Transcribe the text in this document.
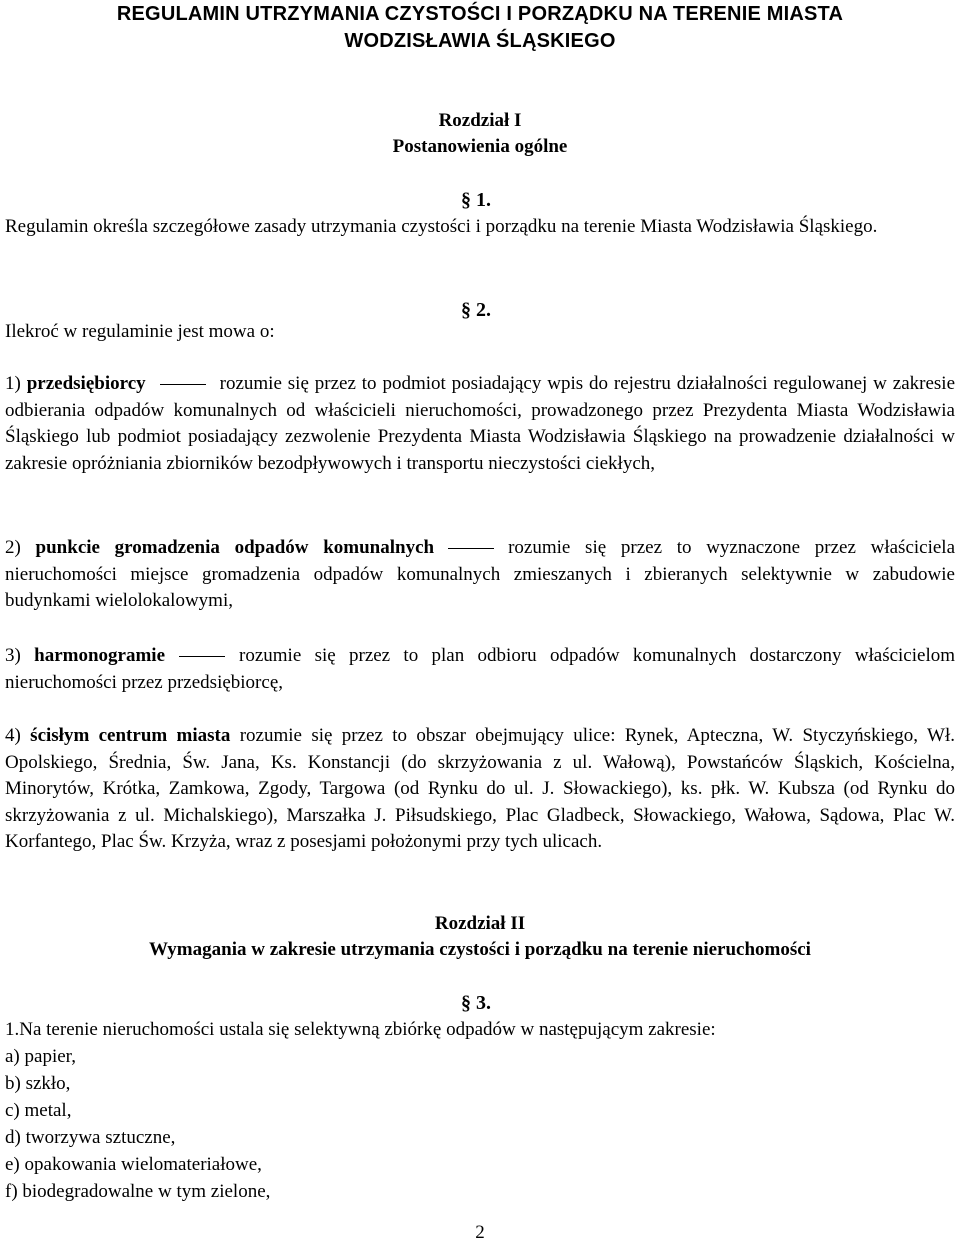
REGULAMIN UTRZYMANIA CZYSTOŚCI I PORZĄDKU NA TERENIE MIASTA
WODZISŁAWIA ŚLĄSKIEGO
Rozdział I
Postanowienia ogólne
§ 1.

Regulamin określa szczegółowe zasady utrzymania czystości i porządku na terenie Miasta Wodzisławia Śląskiego.

Ilekroć w regulaminie jest mowa o:
§ 2.

1) przedsiębiorcy	rozumie się przez to podmiot posiadający wpis do rejestru działalności regulowanej w zakresie odbierania odpadów komunalnych od właścicieli nieruchomości, prowadzonego przez Prezydenta Miasta Wodzisławia Śląskiego lub podmiot posiadający zezwolenie Prezydenta Miasta Wodzisławia Śląskiego na prowadzenie działalności w zakresie opróżniania zbiorników bezodpływowych i transportu nieczystości ciekłych,

2) punkcie gromadzenia odpadów komunalnych	rozumie się przez to wyznaczone przez właściciela nieruchomości miejsce gromadzenia odpadów komunalnych zmieszanych i zbieranych selektywnie w zabudowie budynkami wielolokalowymi,

3) harmonogramie	rozumie się przez to plan odbioru odpadów komunalnych dostarczony właścicielom nieruchomości przez przedsiębiorcę,

4) ścisłym centrum miasta rozumie się przez to obszar obejmujący ulice: Rynek, Apteczna, W. Styczyńskiego, Wł. Opolskiego, Średnia, Św. Jana, Ks. Konstancji (do skrzyżowania z ul. Wałową), Powstańców Śląskich, Kościelna, Minorytów, Krótka, Zamkowa, Zgody, Targowa (od Rynku do ul. J. Słowackiego), ks. płk. W. Kubsza (od Rynku do skrzyżowania z ul. Michalskiego), Marszałka J. Piłsudskiego, Plac Gladbeck, Słowackiego, Wałowa, Sądowa, Plac W. Korfantego, Plac Św. Krzyża, wraz z posesjami położonymi przy tych ulicach.

Rozdział II
Wymagania w zakresie utrzymania czystości i porządku na terenie nieruchomości
§ 3.
1.Na terenie nieruchomości ustala się selektywną zbiórkę odpadów w następującym zakresie:
a) papier,
b) szkło,
c) metal,
d) tworzywa sztuczne,
e) opakowania wielomateriałowe,
f) biodegradowalne w tym zielone,
2
